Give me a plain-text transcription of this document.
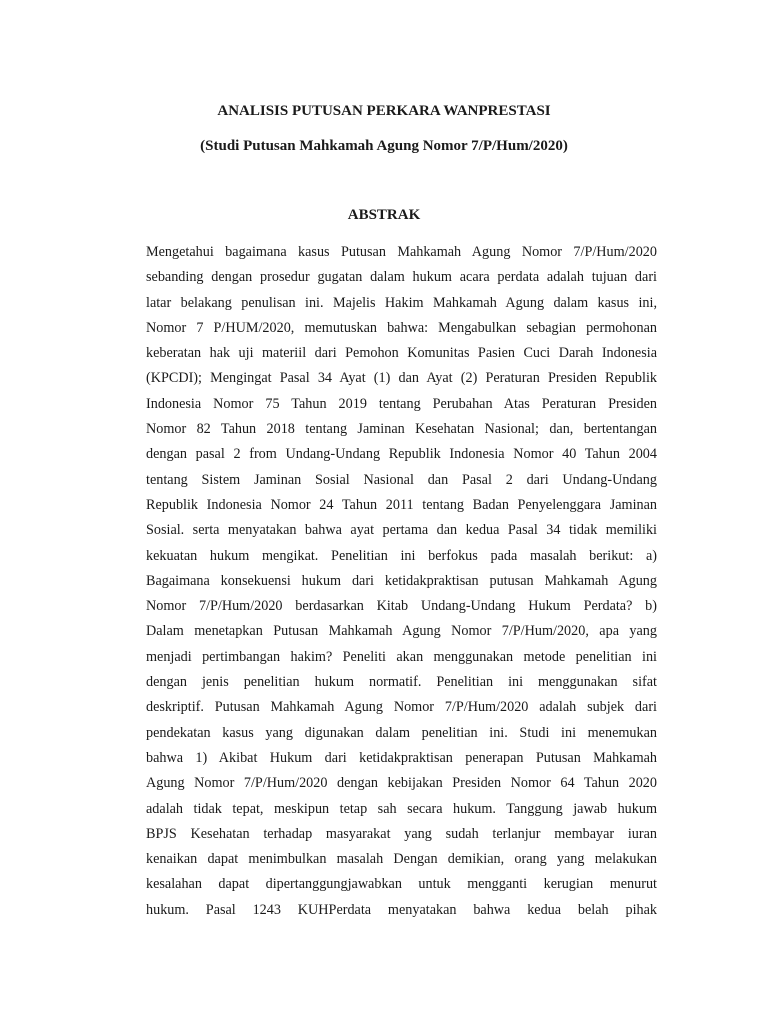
ANALISIS PUTUSAN PERKARA WANPRESTASI
(Studi Putusan Mahkamah Agung Nomor 7/P/Hum/2020)
ABSTRAK
Mengetahui bagaimana kasus Putusan Mahkamah Agung Nomor 7/P/Hum/2020
sebanding dengan prosedur gugatan dalam hukum acara perdata adalah tujuan dari
latar belakang penulisan ini. Majelis Hakim Mahkamah Agung dalam kasus ini,
Nomor 7 P/HUM/2020, memutuskan bahwa: Mengabulkan sebagian permohonan
keberatan hak uji materiil dari Pemohon Komunitas Pasien Cuci Darah Indonesia
(KPCDI); Mengingat Pasal 34 Ayat (1) dan Ayat (2) Peraturan Presiden Republik
Indonesia Nomor 75 Tahun 2019 tentang Perubahan Atas Peraturan Presiden
Nomor 82 Tahun 2018 tentang Jaminan Kesehatan Nasional; dan, bertentangan
dengan pasal 2 from Undang-Undang Republik Indonesia Nomor 40 Tahun 2004
tentang Sistem Jaminan Sosial Nasional dan Pasal 2 dari Undang-Undang
Republik Indonesia Nomor 24 Tahun 2011 tentang Badan Penyelenggara Jaminan
Sosial. serta menyatakan bahwa ayat pertama dan kedua Pasal 34 tidak memiliki
kekuatan hukum mengikat. Penelitian ini berfokus pada masalah berikut: a)
Bagaimana konsekuensi hukum dari ketidakpraktisan putusan Mahkamah Agung
Nomor 7/P/Hum/2020 berdasarkan Kitab Undang-Undang Hukum Perdata? b)
Dalam menetapkan Putusan Mahkamah Agung Nomor 7/P/Hum/2020, apa yang
menjadi pertimbangan hakim? Peneliti akan menggunakan metode penelitian ini
dengan jenis penelitian hukum normatif. Penelitian ini menggunakan sifat
deskriptif. Putusan Mahkamah Agung Nomor 7/P/Hum/2020 adalah subjek dari
pendekatan kasus yang digunakan dalam penelitian ini. Studi ini menemukan
bahwa 1) Akibat Hukum dari ketidakpraktisan penerapan Putusan Mahkamah
Agung Nomor 7/P/Hum/2020 dengan kebijakan Presiden Nomor 64 Tahun 2020
adalah tidak tepat, meskipun tetap sah secara hukum. Tanggung jawab hukum
BPJS Kesehatan terhadap masyarakat yang sudah terlanjur membayar iuran
kenaikan dapat menimbulkan masalah Dengan demikian, orang yang melakukan
kesalahan dapat dipertanggungjawabkan untuk mengganti kerugian menurut
hukum. Pasal 1243 KUHPerdata menyatakan bahwa kedua belah pihak
